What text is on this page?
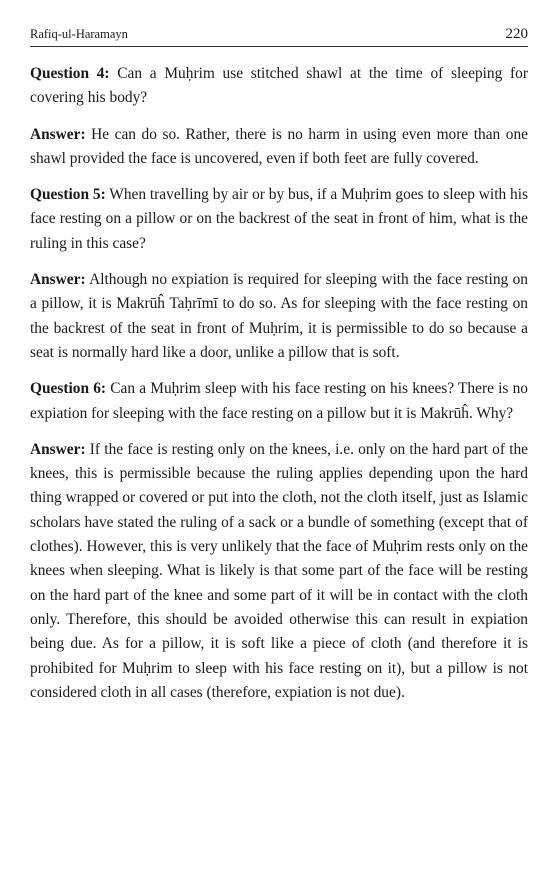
Rafiq-ul-Haramayn	220

Question 4: Can a Muḥrim use stitched shawl at the time of sleeping for covering his body?

Answer: He can do so. Rather, there is no harm in using even more than one shawl provided the face is uncovered, even if both feet are fully covered.

Question 5: When travelling by air or by bus, if a Muḥrim goes to sleep with his face resting on a pillow or on the backrest of the seat in front of him, what is the ruling in this case?

Answer: Although no expiation is required for sleeping with the face resting on a pillow, it is Makrūĥ Taḥrīmī to do so. As for sleeping with the face resting on the backrest of the seat in front of Muḥrim, it is permissible to do so because a seat is normally hard like a door, unlike a pillow that is soft.

Question 6: Can a Muḥrim sleep with his face resting on his knees? There is no expiation for sleeping with the face resting on a pillow but it is Makrūĥ. Why?

Answer: If the face is resting only on the knees, i.e. only on the hard part of the knees, this is permissible because the ruling applies depending upon the hard thing wrapped or covered or put into the cloth, not the cloth itself, just as Islamic scholars have stated the ruling of a sack or a bundle of something (except that of clothes). However, this is very unlikely that the face of Muḥrim rests only on the knees when sleeping. What is likely is that some part of the face will be resting on the hard part of the knee and some part of it will be in contact with the cloth only. Therefore, this should be avoided otherwise this can result in expiation being due. As for a pillow, it is soft like a piece of cloth (and therefore it is prohibited for Muḥrim to sleep with his face resting on it), but a pillow is not considered cloth in all cases (therefore, expiation is not due).
